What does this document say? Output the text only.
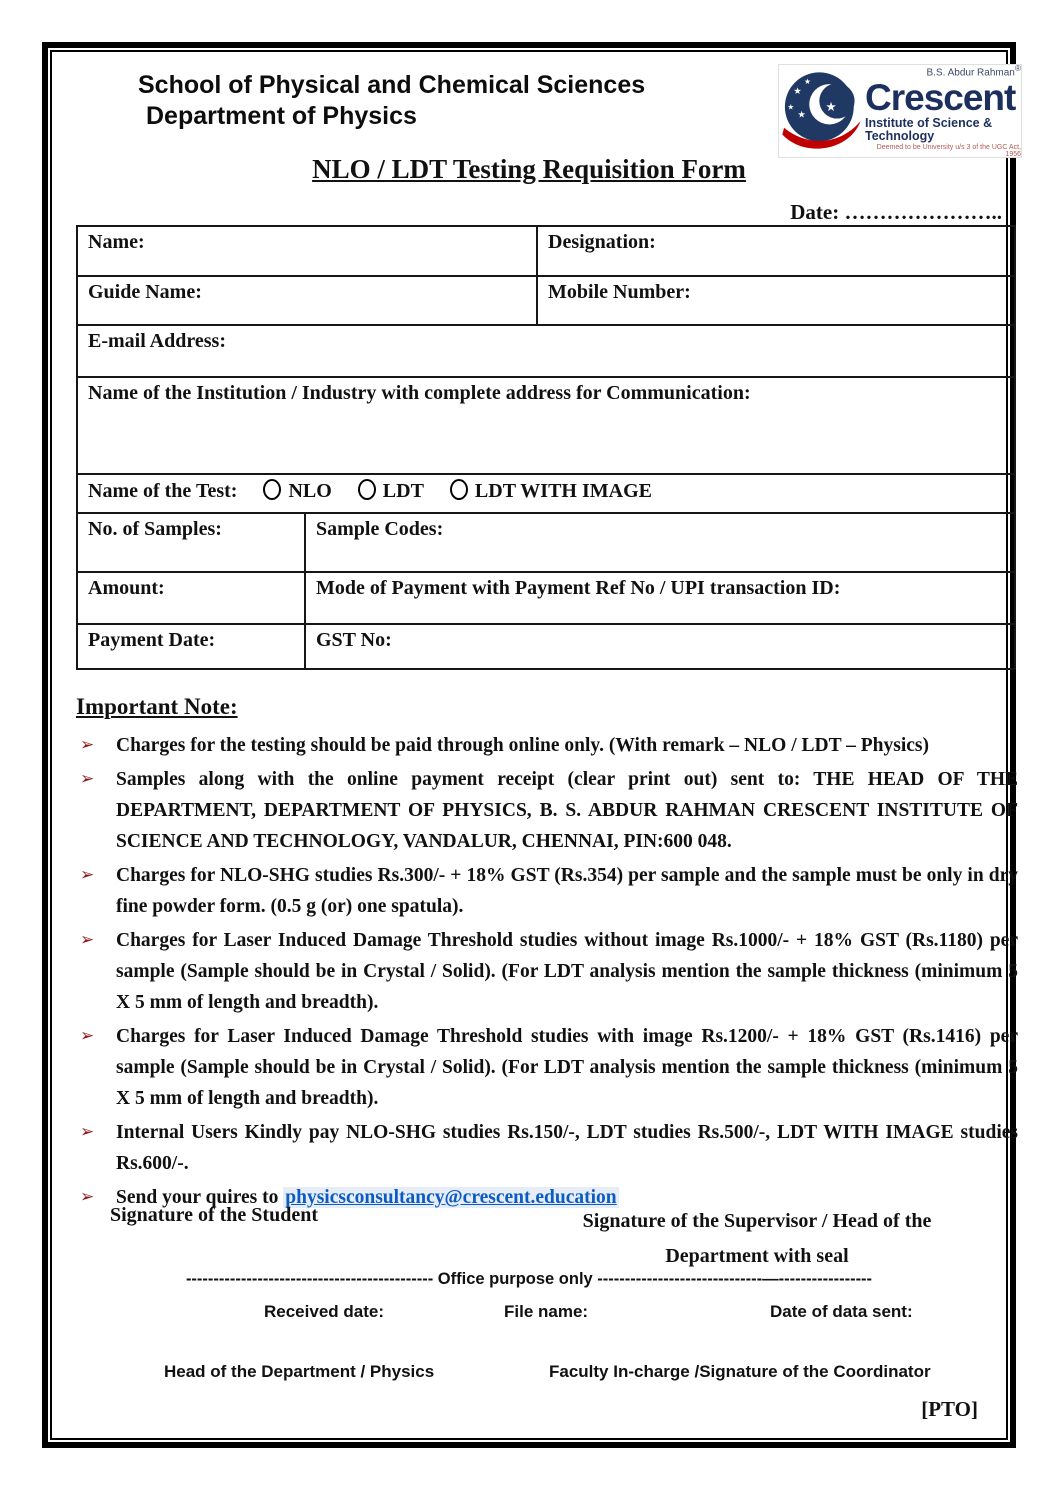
School of Physical and Chemical Sciences
Department of Physics	★
★
★
★
★
★
B.S. Abdur Rahman®
Crescent
Institute of Science & Technology
Deemed to be University u/s 3 of the UGC Act, 1956
NLO / LDT Testing Requisition Form
Date: …………………..
Name:		Designation:
Guide Name:		Mobile Number:
E-mail Address:		
Name of the Institution / Industry with complete address for Communication:		
Name of the Test: NLO LDT LDT WITH IMAGE		
No. of Samples:	Sample Codes:	
Amount:	Mode of Payment with Payment Ref No / UPI transaction ID:	
Payment Date:	GST No:	
Important Note:
➢ Charges for the testing should be paid through online only. (With remark – NLO / LDT – Physics)
➢ Samples along with the online payment receipt (clear print out) sent to: THE HEAD OF THE DEPARTMENT, DEPARTMENT OF PHYSICS, B. S. ABDUR RAHMAN CRESCENT INSTITUTE OF SCIENCE AND TECHNOLOGY, VANDALUR, CHENNAI, PIN:600 048.
➢ Charges for NLO-SHG studies Rs.300/- + 18% GST (Rs.354) per sample and the sample must be only in dry fine powder form. (0.5 g (or) one spatula).
➢ Charges for Laser Induced Damage Threshold studies without image Rs.1000/- + 18% GST (Rs.1180) per sample (Sample should be in Crystal / Solid). (For LDT analysis mention the sample thickness (minimum 5 X 5 mm of length and breadth).
➢ Charges for Laser Induced Damage Threshold studies with image Rs.1200/- + 18% GST (Rs.1416) per sample (Sample should be in Crystal / Solid). (For LDT analysis mention the sample thickness (minimum 5 X 5 mm of length and breadth).
➢ Internal Users Kindly pay NLO-SHG studies Rs.150/-, LDT studies Rs.500/-, LDT WITH IMAGE studies Rs.600/-.
➢ Send your quires to physicsconsultancy@crescent.education
Signature of the Student	Signature of the Supervisor / Head of the
Department with seal
--------------------------------------------- Office purpose only ------------------------------—-----------------
Received date:	File name:	Date of data sent:
Head of the Department / Physics	Faculty In-charge /Signature of the Coordinator
[PTO]
